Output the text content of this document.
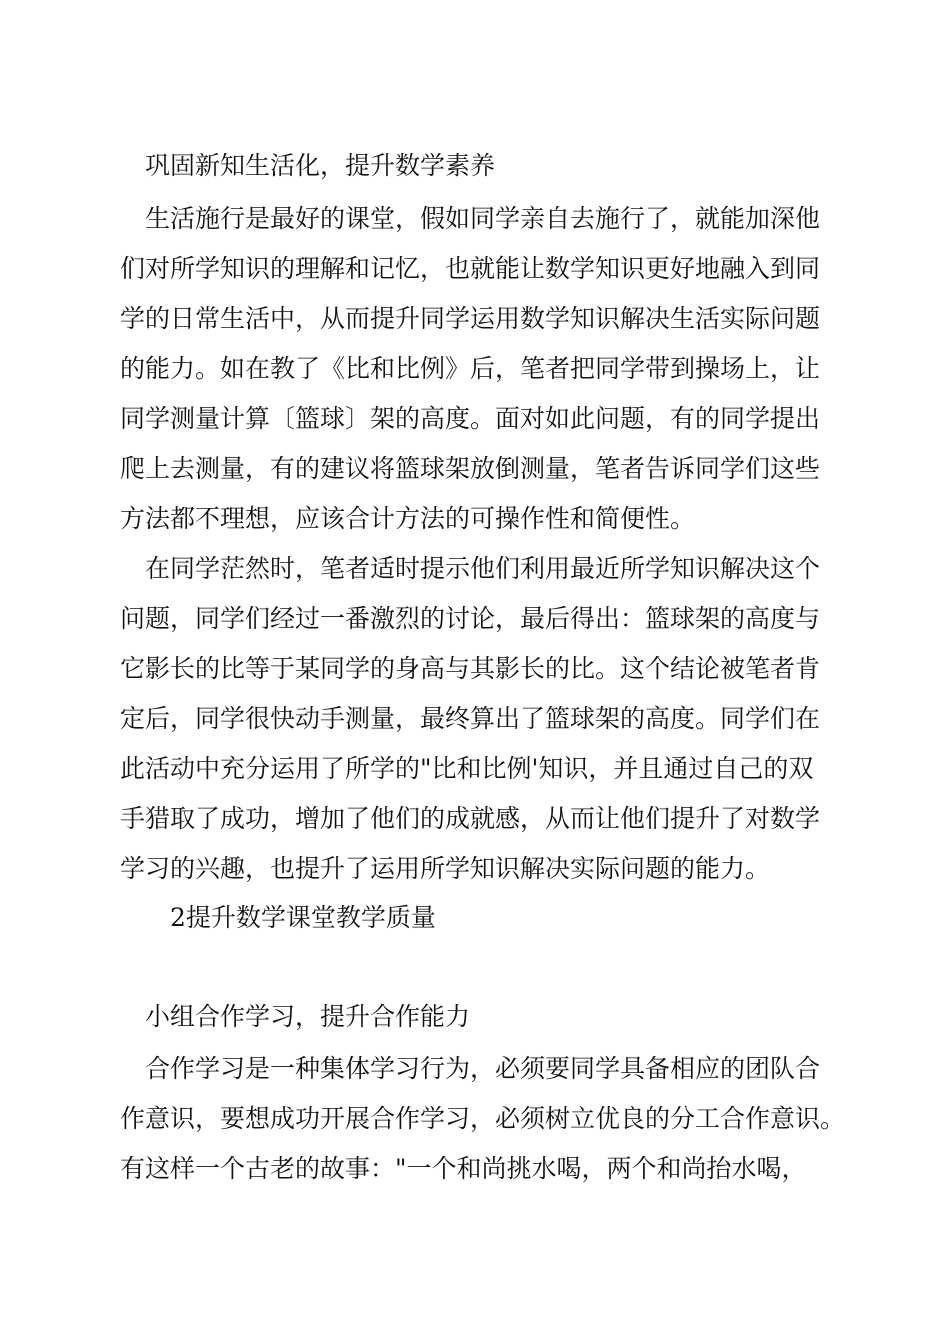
巩固新知生活化，提升数学素养
生活施行是最好的课堂，假如同学亲自去施行了，就能加深他
们对所学知识的理解和记忆，也就能让数学知识更好地融入到同
学的日常生活中，从而提升同学运用数学知识解决生活实际问题
的能力。如在教了《比和比例》后，笔者把同学带到操场上，让
同学测量计算〔篮球〕架的高度。面对如此问题，有的同学提出
爬上去测量，有的建议将篮球架放倒测量，笔者告诉同学们这些
方法都不理想，应该合计方法的可操作性和简便性。
在同学茫然时，笔者适时提示他们利用最近所学知识解决这个
问题，同学们经过一番激烈的讨论，最后得出：篮球架的高度与
它影长的比等于某同学的身高与其影长的比。这个结论被笔者肯
定后，同学很快动手测量，最终算出了篮球架的高度。同学们在
此活动中充分运用了所学的"比和比例'知识，并且通过自己的双
手猎取了成功，增加了他们的成就感，从而让他们提升了对数学
学习的兴趣，也提升了运用所学知识解决实际问题的能力。
2提升数学课堂教学质量
小组合作学习，提升合作能力
合作学习是一种集体学习行为，必须要同学具备相应的团队合
作意识，要想成功开展合作学习，必须树立优良的分工合作意识。
有这样一个古老的故事："一个和尚挑水喝，两个和尚抬水喝，
